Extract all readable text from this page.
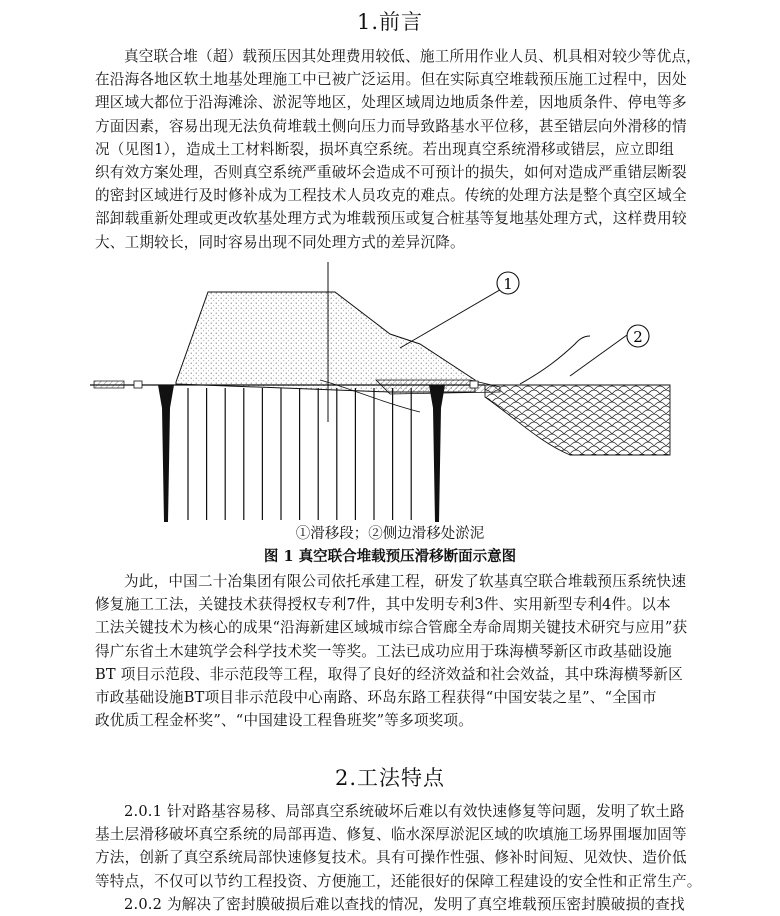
1.前言
真空联合堆（超）载预压因其处理费用较低、施工所用作业人员、机具相对较少等优点，
在沿海各地区软土地基处理施工中已被广泛运用。但在实际真空堆载预压施工过程中，因处
理区域大都位于沿海滩涂、淤泥等地区，处理区域周边地质条件差，因地质条件、停电等多
方面因素，容易出现无法负荷堆载土侧向压力而导致路基水平位移，甚至错层向外滑移的情
况（见图1），造成土工材料断裂，损坏真空系统。若出现真空系统滑移或错层，应立即组
织有效方案处理，否则真空系统严重破坏会造成不可预计的损失，如何对造成严重错层断裂
的密封区域进行及时修补成为工程技术人员攻克的难点。传统的处理方法是整个真空区域全
部卸载重新处理或更改软基处理方式为堆载预压或复合桩基等复地基处理方式，这样费用较
大、工期较长，同时容易出现不同处理方式的差异沉降。
1
2
①滑移段；②侧边滑移处淤泥
图 1 真空联合堆载预压滑移断面示意图
为此，中国二十冶集团有限公司依托承建工程，研发了软基真空联合堆载预压系统快速
修复施工工法，关键技术获得授权专利7件，其中发明专利3件、实用新型专利4件。以本
工法关键技术为核心的成果“沿海新建区域城市综合管廊全寿命周期关键技术研究与应用”获
得广东省土木建筑学会科学技术奖一等奖。工法已成功应用于珠海横琴新区市政基础设施
BT 项目示范段、非示范段等工程，取得了良好的经济效益和社会效益，其中珠海横琴新区
市政基础设施BT项目非示范段中心南路、环岛东路工程获得“中国安装之星”、“全国市
政优质工程金杯奖”、“中国建设工程鲁班奖”等多项奖项。
2.工法特点
2.0.1 针对路基容易移、局部真空系统破坏后难以有效快速修复等问题，发明了软土路
基土层滑移破坏真空系统的局部再造、修复、临水深厚淤泥区域的吹填施工场界围堰加固等
方法，创新了真空系统局部快速修复技术。具有可操作性强、修补时间短、见效快、造价低
等特点，不仅可以节约工程投资、方便施工，还能很好的保障工程建设的安全性和正常生产。
2.0.2 为解决了密封膜破损后难以查找的情况，发明了真空堆载预压密封膜破损的查找
